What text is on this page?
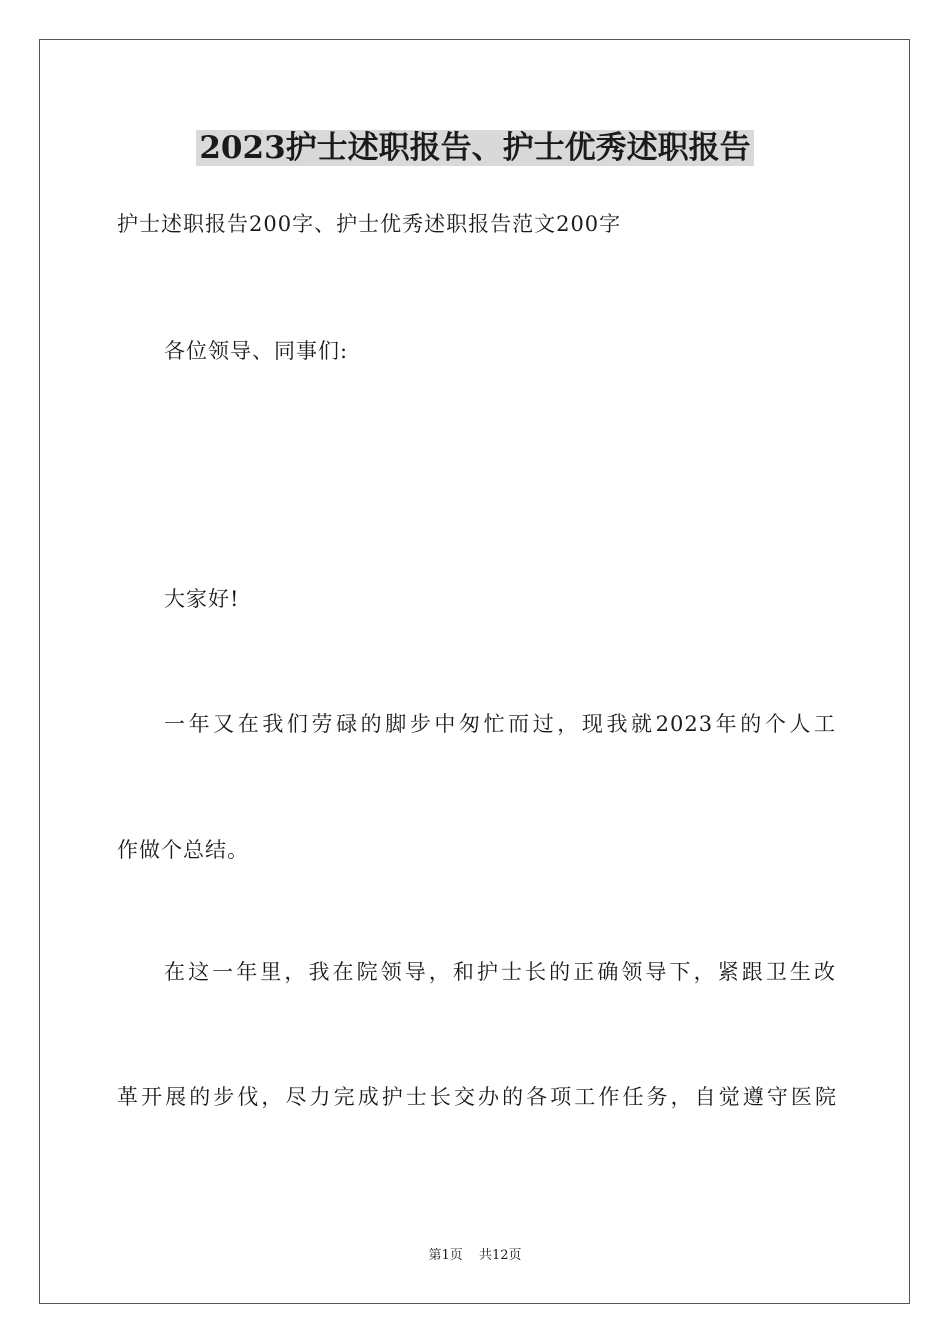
2023护士述职报告、护士优秀述职报告

护士述职报告200字、护士优秀述职报告范文200字

各位领导、同事们:

大家好!

一年又在我们劳碌的脚步中匆忙而过，现我就2023年的个人工

作做个总结。

在这一年里，我在院领导，和护士长的正确领导下，紧跟卫生改

革开展的步伐，尽力完成护士长交办的各项工作任务，自觉遵守医院

第1页 共12页
